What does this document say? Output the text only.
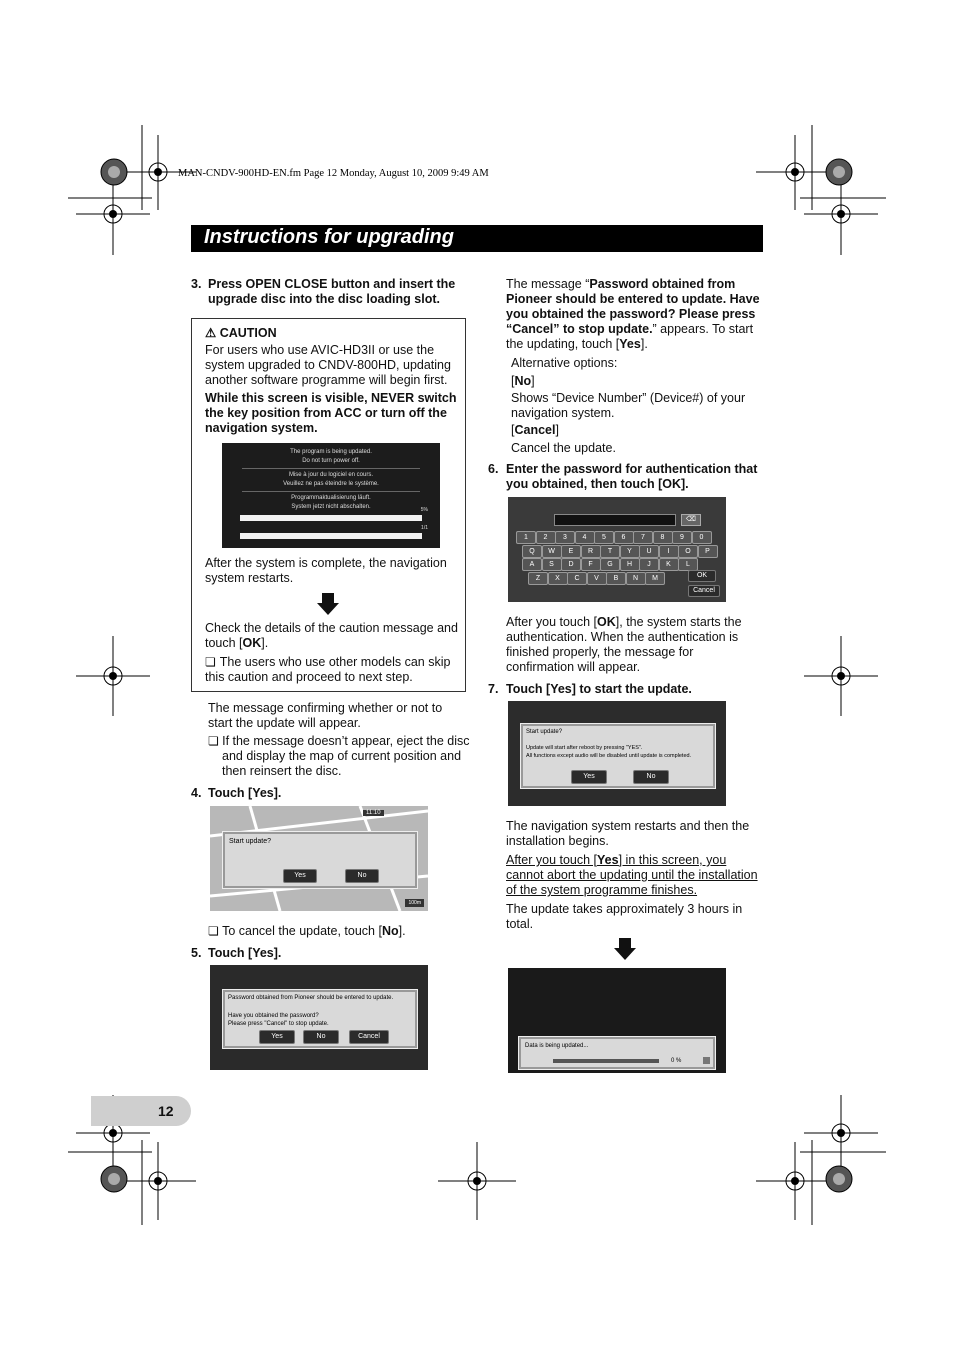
MAN-CNDV-900HD-EN.fm Page 12 Monday, August 10, 2009 9:49 AM
Instructions for upgrading
3. Press OPEN CLOSE button and insert the upgrade disc into the disc loading slot.
⚠ CAUTION
For users who use AVIC-HD3II or use the system upgraded to CNDV-800HD, updating another software programme will begin first.
While this screen is visible, NEVER switch the key position from ACC or turn off the navigation system.
The program is being updated.
Do not turn power off.
Mise à jour du logiciel en cours.
Veuillez ne pas éteindre le système.
Programmaktualisierung läuft.
System jetzt nicht abschalten.	5%
1/1
After the system is complete, the navigation system restarts.
Check the details of the caution message and touch [OK].
❏ The users who use other models can skip this caution and proceed to next step.
The message confirming whether or not to start the update will appear.
❏ If the message doesn’t appear, eject the disc and display the map of current position and then reinsert the disc.
4. Touch [Yes].
11:10
Start update?
Yes	No
100m
❏ To cancel the update, touch [No].
5. Touch [Yes].
Password obtained from Pioneer should be entered to update.
Have you obtained the password?
Please press "Cancel" to stop update.
Yes	No	Cancel
The message “Password obtained from Pioneer should be entered to update. Have you obtained the password? Please press “Cancel” to stop update.” appears. To start the updating, touch [Yes].
Alternative options:
[No]
Shows “Device Number” (Device#) of your navigation system.
[Cancel]
Cancel the update.
6. Enter the password for authentication that you obtained, then touch [OK].
⌫
1	2	3	4	5	6	7	8	9	0
Q	W	E	R	T	Y	U	I	O	P
A	S	D	F	G	H	J	K	L
Z	X	C	V	B	N	M	OK
Cancel
After you touch [OK], the system starts the authentication. When the authentication is finished properly, the message for confirmation will appear.
7. Touch [Yes] to start the update.
Start update?
Update will start after reboot by pressing "YES".
All functions except audio will be disabled until update is completed.
Yes	No
The navigation system restarts and then the installation begins.
After you touch [Yes] in this screen, you cannot abort the updating until the installation of the system programme finishes.
The update takes approximately 3 hours in total.
Data is being updated...
0 %
12
